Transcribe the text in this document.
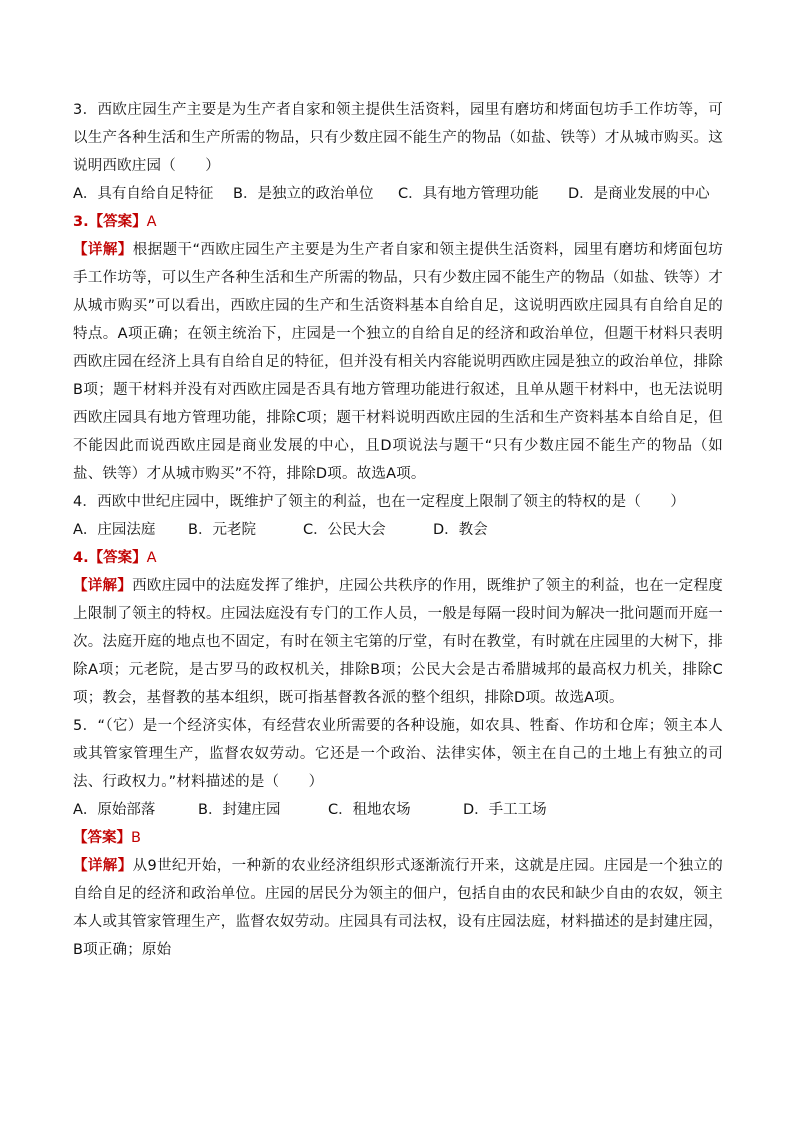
3．西欧庄园生产主要是为生产者自家和领主提供生活资料，园里有磨坊和烤面包坊手工作坊等，可以生产各种生活和生产所需的物品，只有少数庄园不能生产的物品（如盐、铁等）才从城市购买。这说明西欧庄园（　　）

A．具有自给自足特征 B．是独立的政治单位 C．具有地方管理功能 D．是商业发展的中心

3.【答案】A

【详解】根据题干“西欧庄园生产主要是为生产者自家和领主提供生活资料，园里有磨坊和烤面包坊手工作坊等，可以生产各种生活和生产所需的物品，只有少数庄园不能生产的物品（如盐、铁等）才从城市购买”可以看出，西欧庄园的生产和生活资料基本自给自足，这说明西欧庄园具有自给自足的特点。A项正确；在领主统治下，庄园是一个独立的自给自足的经济和政治单位，但题干材料只表明西欧庄园在经济上具有自给自足的特征，但并没有相关内容能说明西欧庄园是独立的政治单位，排除B项；题干材料并没有对西欧庄园是否具有地方管理功能进行叙述，且单从题干材料中，也无法说明西欧庄园具有地方管理功能，排除C项；题干材料说明西欧庄园的生活和生产资料基本自给自足，但不能因此而说西欧庄园是商业发展的中心，且D项说法与题干“只有少数庄园不能生产的物品（如盐、铁等）才从城市购买”不符，排除D项。故选A项。

4．西欧中世纪庄园中，既维护了领主的利益，也在一定程度上限制了领主的特权的是（　　）

A．庄园法庭 B．元老院	C．公民大会	D．教会

4.【答案】A

【详解】西欧庄园中的法庭发挥了维护，庄园公共秩序的作用，既维护了领主的利益，也在一定程度上限制了领主的特权。庄园法庭没有专门的工作人员，一般是每隔一段时间为解决一批问题而开庭一次。法庭开庭的地点也不固定，有时在领主宅第的厅堂，有时在教堂，有时就在庄园里的大树下，排除A项；元老院，是古罗马的政权机关，排除B项；公民大会是古希腊城邦的最高权力机关，排除C项；教会，基督教的基本组织，既可指基督教各派的整个组织，排除D项。故选A项。

5．“（它）是一个经济实体，有经营农业所需要的各种设施，如农具、牲畜、作坊和仓库；领主本人或其管家管理生产，监督农奴劳动。它还是一个政治、法律实体，领主在自己的土地上有独立的司法、行政权力。”材料描述的是（　　）

A．原始部落	B．封建庄园	C．租地农场	D．手工工场

【答案】B

【详解】从9世纪开始，一种新的农业经济组织形式逐渐流行开来，这就是庄园。庄园是一个独立的自给自足的经济和政治单位。庄园的居民分为领主的佃户，包括自由的农民和缺少自由的农奴，领主本人或其管家管理生产，监督农奴劳动。庄园具有司法权，设有庄园法庭，材料描述的是封建庄园，B项正确；原始
